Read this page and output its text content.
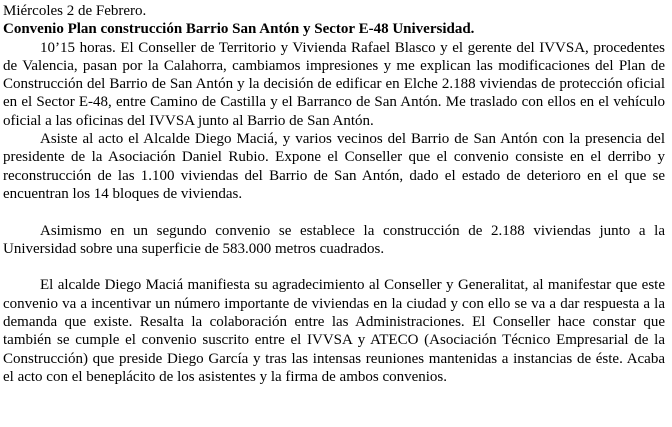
Miércoles 2 de Febrero.

Convenio Plan construcción Barrio San Antón y Sector E-48 Universidad.

10’15 horas. El Conseller de Territorio y Vivienda Rafael Blasco y el gerente del IVVSA, procedentes de Valencia, pasan por la Calahorra, cambiamos impresiones y me explican las modificaciones del Plan de Construcción del Barrio de San Antón y la decisión de edificar en Elche 2.188 viviendas de protección oficial en el Sector E-48, entre Camino de Castilla y el Barranco de San Antón. Me traslado con ellos en el vehículo oficial a las oficinas del IVVSA junto al Barrio de San Antón.

Asiste al acto el Alcalde Diego Maciá, y varios vecinos del Barrio de San Antón con la presencia del presidente de la Asociación Daniel Rubio. Expone el Conseller que el convenio consiste en el derribo y reconstrucción de las 1.100 viviendas del Barrio de San Antón, dado el estado de deterioro en el que se encuentran los 14 bloques de viviendas.

Asimismo en un segundo convenio se establece la construcción de 2.188 viviendas junto a la Universidad sobre una superficie de 583.000 metros cuadrados.

El alcalde Diego Maciá manifiesta su agradecimiento al Conseller y Generalitat, al manifestar que este convenio va a incentivar un número importante de viviendas en la ciudad y con ello se va a dar respuesta a la demanda que existe. Resalta la colaboración entre las Administraciones. El Conseller hace constar que también se cumple el convenio suscrito entre el IVVSA y ATECO (Asociación Técnico Empresarial de la Construcción) que preside Diego García y tras las intensas reuniones mantenidas a instancias de éste. Acaba el acto con el beneplácito de los asistentes y la firma de ambos convenios.
